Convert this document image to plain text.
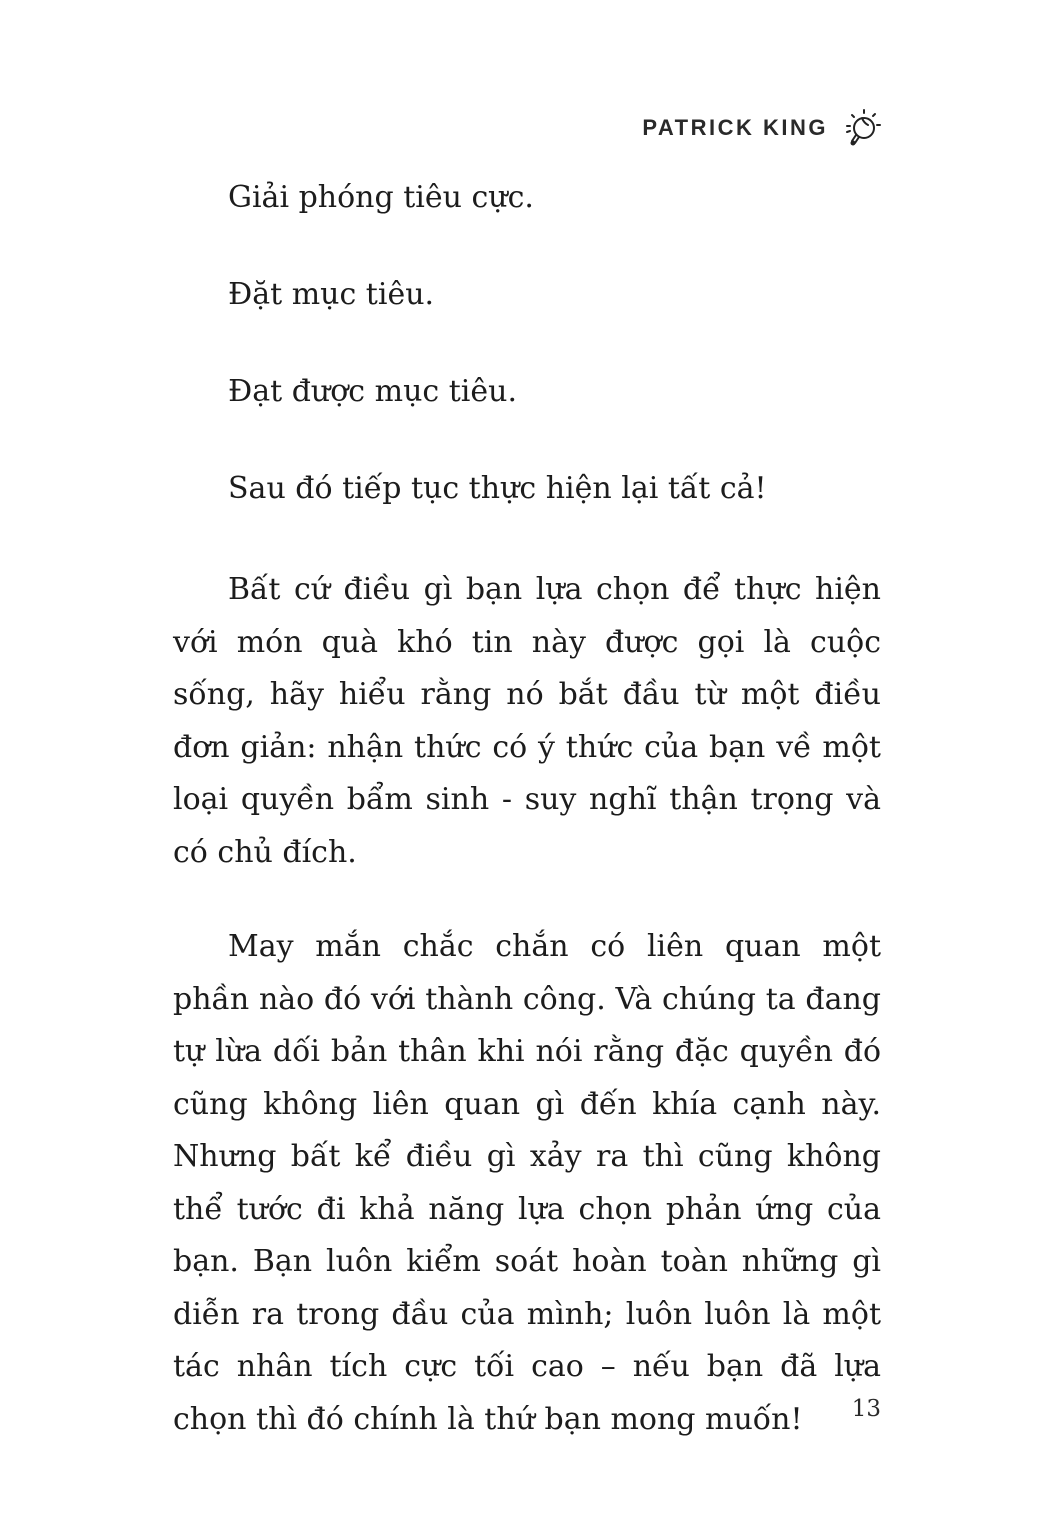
PATRICK KING

Giải phóng tiêu cực.

Đặt mục tiêu.

Đạt được mục tiêu.

Sau đó tiếp tục thực hiện lại tất cả!

Bất cứ điều gì bạn lựa chọn để thực hiện với món quà khó tin này được gọi là cuộc sống, hãy hiểu rằng nó bắt đầu từ một điều đơn giản: nhận thức có ý thức của bạn về một loại quyền bẩm sinh - suy nghĩ thận trọng và có chủ đích.

May mắn chắc chắn có liên quan một phần nào đó với thành công. Và chúng ta đang tự lừa dối bản thân khi nói rằng đặc quyền đó cũng không liên quan gì đến khía cạnh này. Nhưng bất kể điều gì xảy ra thì cũng không thể tước đi khả năng lựa chọn phản ứng của bạn. Bạn luôn kiểm soát hoàn toàn những gì diễn ra trong đầu của mình; luôn luôn là một tác nhân tích cực tối cao – nếu bạn đã lựa chọn thì đó chính là thứ bạn mong muốn!	13
